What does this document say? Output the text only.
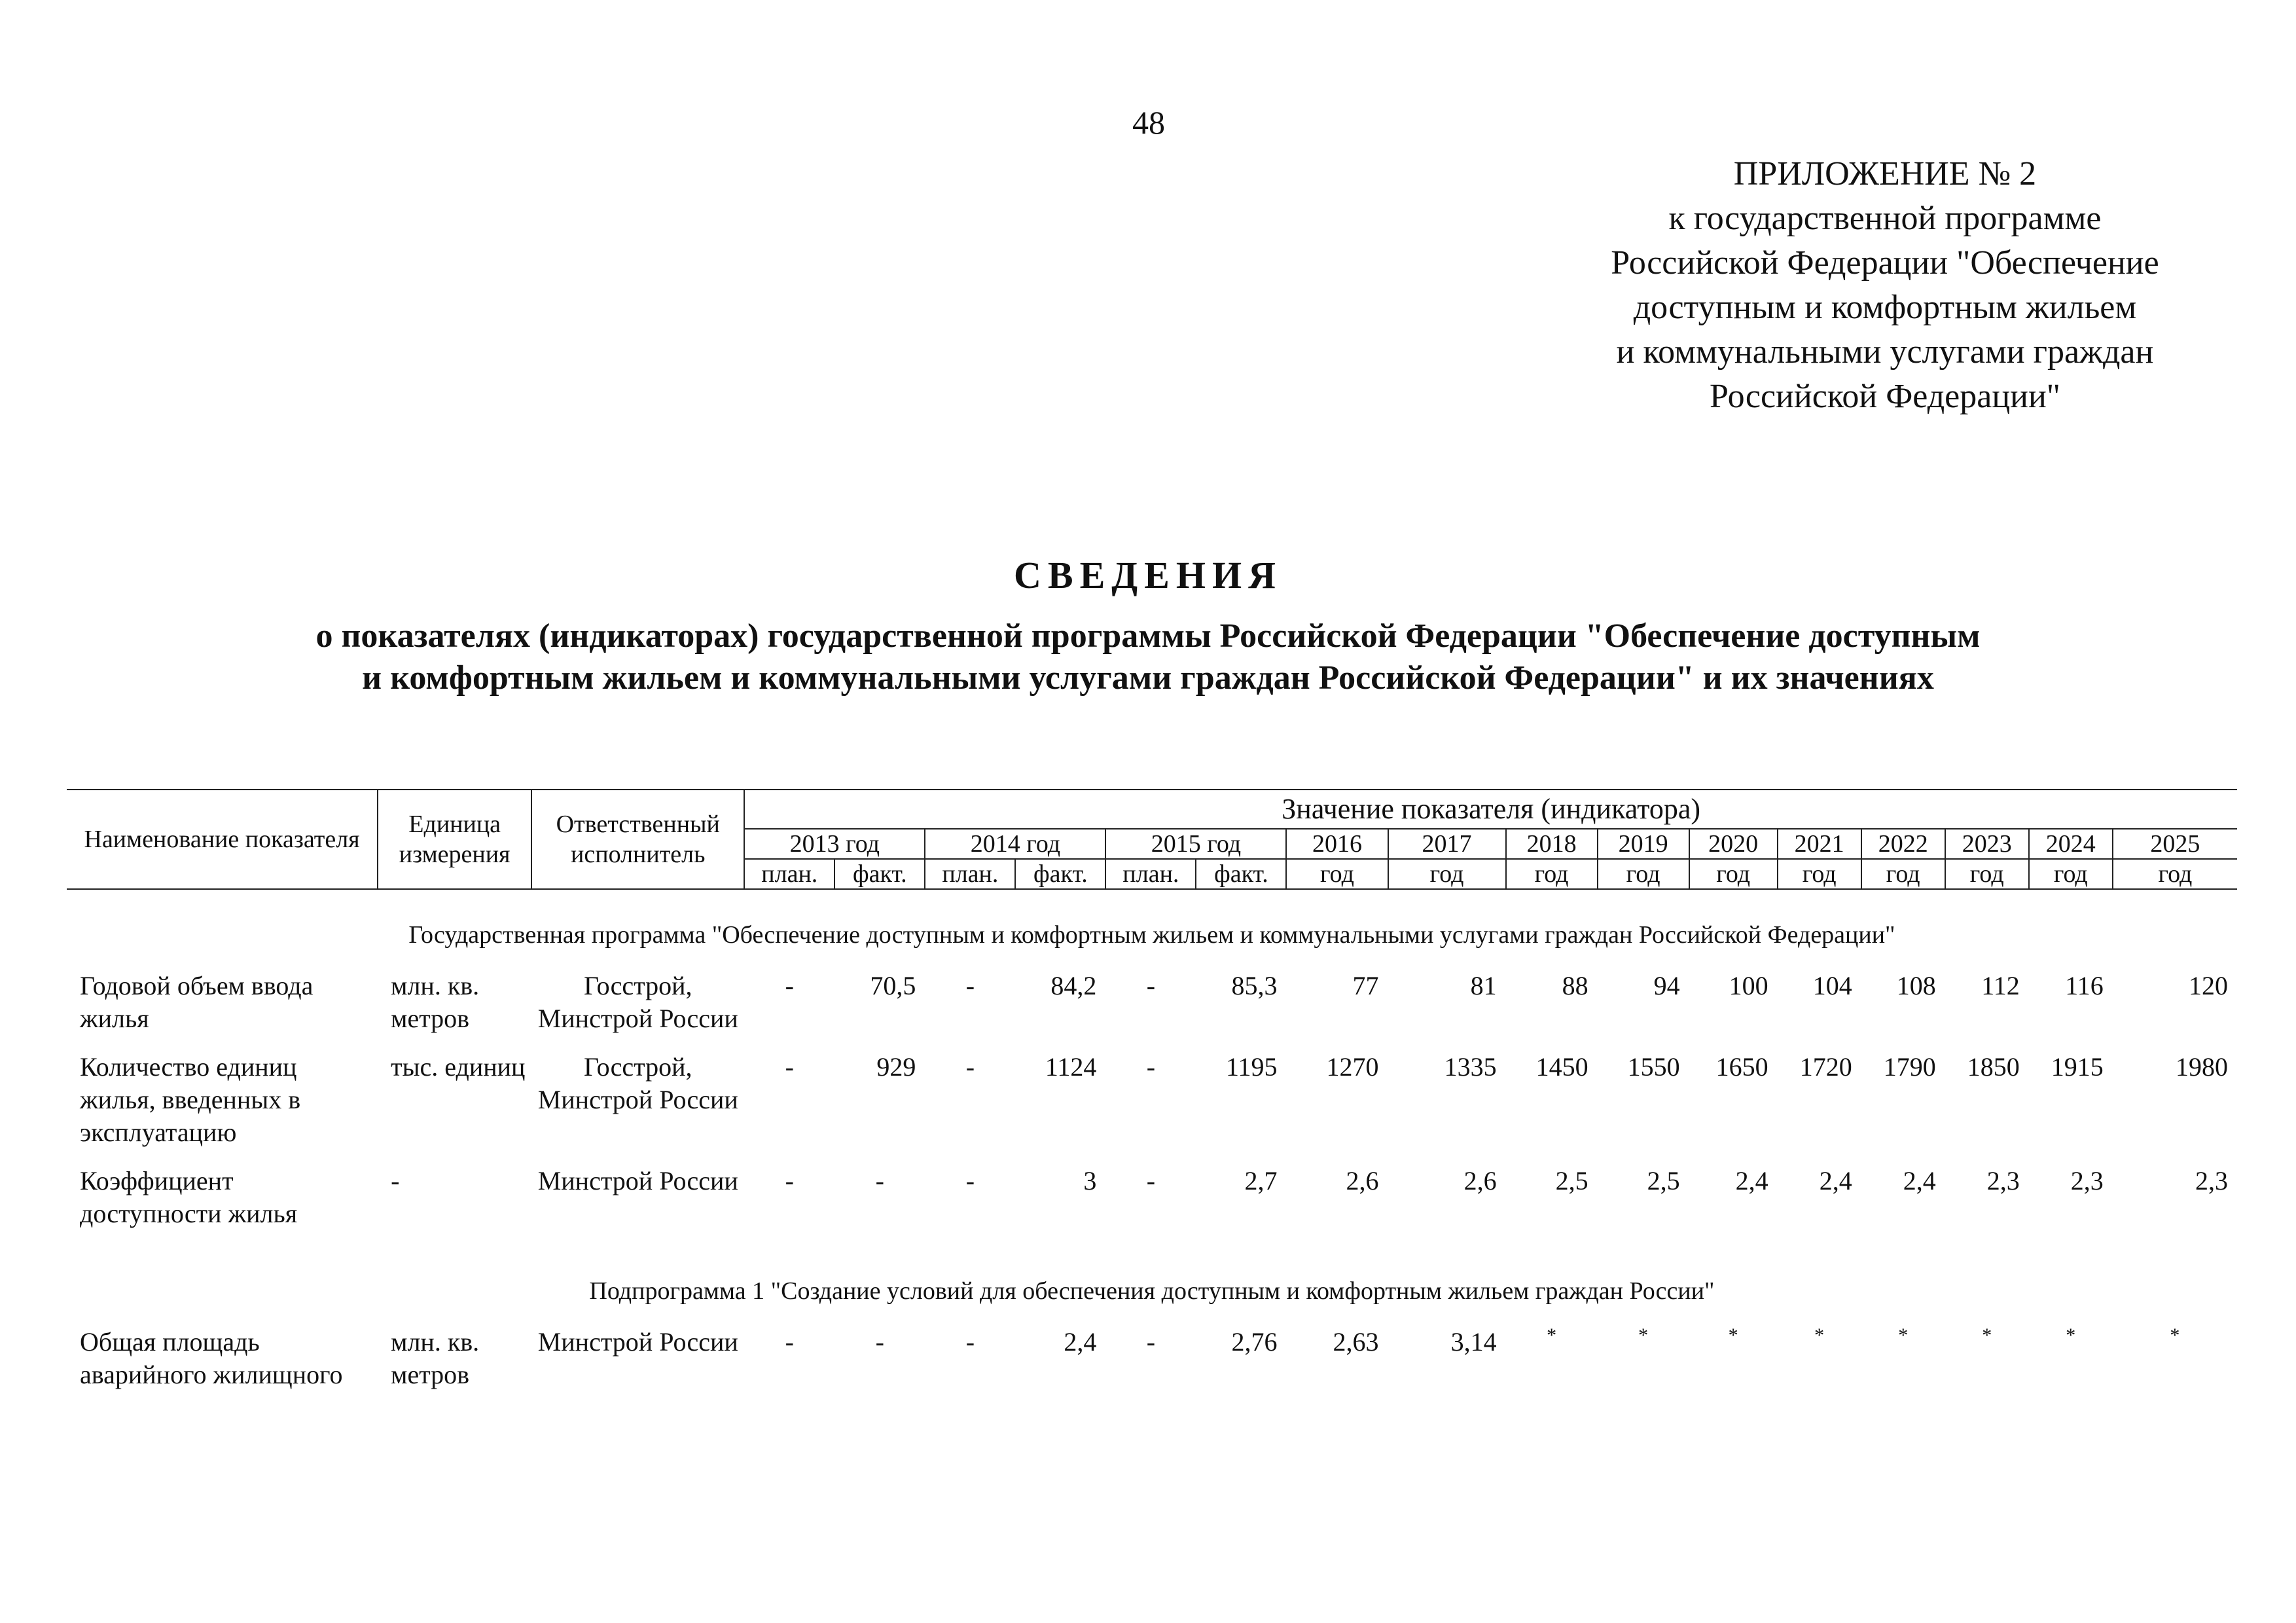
48
ПРИЛОЖЕНИЕ № 2
к государственной программе
Российской Федерации "Обеспечение
доступным и комфортным жильем
и коммунальными услугами граждан
Российской Федерации"
СВЕДЕНИЯ
о показателях (индикаторах) государственной программы Российской Федерации "Обеспечение доступным
и комфортным жильем и коммунальными услугами граждан Российской Федерации" и их значениях
Наименование показателя	Единица измерения	Ответственный исполнитель	Значение показателя (индикатора)															
			2013 год		2014 год		2015 год		2016	2017	2018	2019	2020	2021	2022	2023	2024	2025
			план.	факт.	план.	факт.	план.	факт.	год	год	год	год	год	год	год	год	год	год
Государственная программа "Обеспечение доступным и комфортным жильем и коммунальными услугами граждан Российской Федерации"																		
Годовой объем ввода жилья	млн. кв. метров	Госстрой, Минстрой России	-	70,5	-	84,2	-	85,3	77	81	88	94	100	104	108	112	116	120
Количество единиц жилья, введенных в эксплуатацию	тыс. единиц	Госстрой, Минстрой России	-	929	-	1124	-	1195	1270	1335	1450	1550	1650	1720	1790	1850	1915	1980
Коэффициент доступности жилья	-	Минстрой России	-	-	-	3	-	2,7	2,6	2,6	2,5	2,5	2,4	2,4	2,4	2,3	2,3	2,3
Подпрограмма 1 "Создание условий для обеспечения доступным и комфортным жильем граждан России"																		
Общая площадь аварийного жилищного	млн. кв. метров	Минстрой России	-	-	-	2,4	-	2,76	2,63	3,14	*	*	*	*	*	*	*	*
